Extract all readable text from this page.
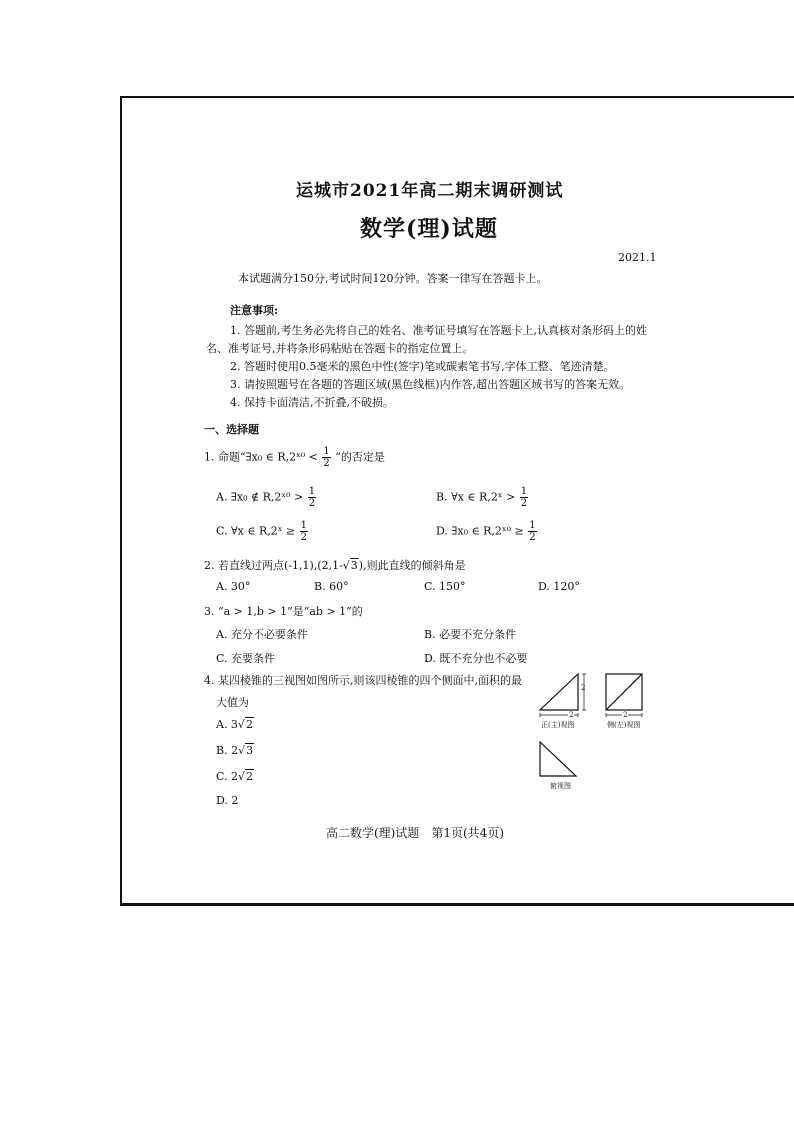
运城市2021年高二期末调研测试
数学(理)试题
2021.1
本试题满分150分,考试时间120分钟。答案一律写在答题卡上。
注意事项:
1. 答题前,考生务必先将自己的姓名、准考证号填写在答题卡上,认真核对条形码上的姓
名、准考证号,并将条形码粘贴在答题卡的指定位置上。
2. 答题时使用0.5毫米的黑色中性(签字)笔或碳素笔书写,字体工整、笔迹清楚。
3. 请按照题号在各题的答题区域(黑色线框)内作答,超出答题区域书写的答案无效。
4. 保持卡面清洁,不折叠,不破损。
一、选择题
1. 命题“∃x₀ ∈ R,2ˣ⁰ < $\frac{1}{2}$ ”的否定是
A. ∃x₀ ∉ R,2ˣ⁰ > $\frac{1}{2}$	B. ∀x ∈ R,2ˣ > $\frac{1}{2}$
C. ∀x ∈ R,2ˣ ≥ $\frac{1}{2}$	D. ∃x₀ ∈ R,2ˣ⁰ ≥ $\frac{1}{2}$
2. 若直线过两点(-1,1),(2,1-√3),则此直线的倾斜角是
A. 30°	B. 60°	C. 150°	D. 120°
3. “a > 1,b > 1”是“ab > 1”的
A. 充分不必要条件	B. 必要不充分条件
C. 充要条件	D. 既不充分也不必要
4. 某四棱锥的三视图如图所示,则该四棱锥的四个侧面中,面积的最
大值为
A. 3√2
B. 2√3
C. 2√2
D. 2
2
2
2
正(主)视图	侧(左)视图
俯视图
高二数学(理)试题　第1页(共4页)
